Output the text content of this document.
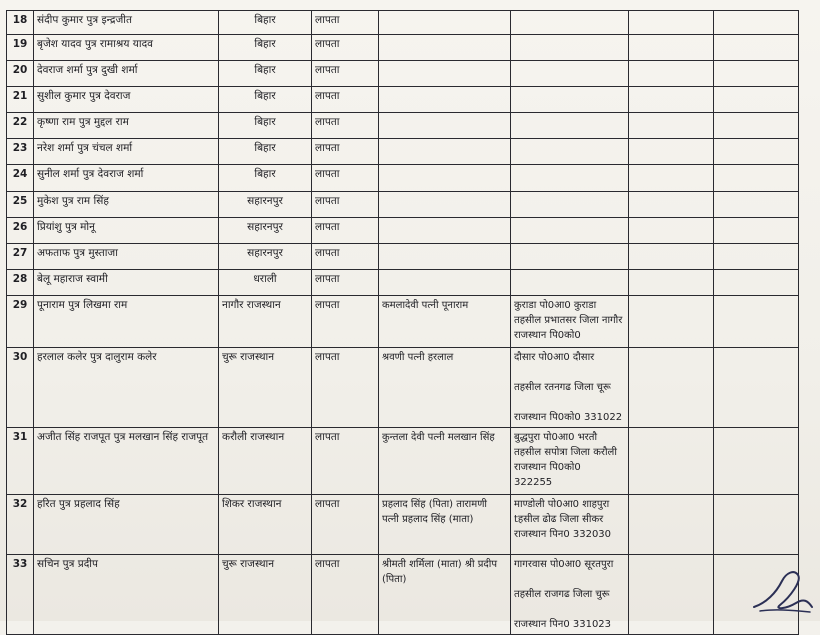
18	संदीप कुमार पुत्र इन्द्रजीत	बिहार	लापता				
19	बृजेश यादव पुत्र रामाश्रय यादव	बिहार	लापता				
20	देवराज शर्मा पुत्र दुखी शर्मा	बिहार	लापता				
21	सुशील कुमार पुत्र देवराज	बिहार	लापता				
22	कृष्णा राम पुत्र मुद्दल राम	बिहार	लापता				
23	नरेश शर्मा पुत्र चंचल शर्मा	बिहार	लापता				
24	सुनील शर्मा पुत्र देवराज शर्मा	बिहार	लापता				
25	मुकेश पुत्र राम सिंह	सहारनपुर	लापता				
26	प्रियांशु पुत्र मोनू	सहारनपुर	लापता				
27	अफताफ पुत्र मुस्ताजा	सहारनपुर	लापता				
28	बेलू महाराज स्वामी	धराली	लापता				
29	पूनाराम पुत्र लिखमा राम	नागौर राजस्थान	लापता	कमलादेवी पत्नी पूनाराम	कुराडा पो0आ0 कुराडा तहसील प्रभातसर जिला नागौर राजस्थान पि0को0		
30	हरलाल कलेर पुत्र दालुराम कलेर	चुरू राजस्थान	लापता	श्रवणी पत्नी हरलाल	दौसार पो0आ0 दौसार

तहसील रतनगढ जिला चूरू

राजस्थान पि0को0 331022		
31	अजीत सिंह राजपूत पुत्र मलखान सिंह राजपूत	करौली राजस्थान	लापता	कुन्तला देवी पत्नी मलखान सिंह	बुद्धपुरा पो0आ0 भरतौ तहसील सपोत्रा जिला करौली राजस्थान पि0को0
322255		
32	हरित पुत्र प्रहलाद सिंह	शिकर राजस्थान	लापता	प्रहलाद सिंह (पिता) तारामणी पत्नी प्रहलाद सिंह (माता)	माण्डोली पो0आ0 शाहपुरा
tहसील ढोढ जिला सीकर
राजस्थान पिन0 332030		
33	सचिन पुत्र प्रदीप	चुरू राजस्थान	लापता	श्रीमती शर्मिला (माता) श्री प्रदीप (पिता)	गागरवास पो0आ0 सूरतपुरा

तहसील राजगढ जिला चुरू

राजस्थान पिन0 331023		
